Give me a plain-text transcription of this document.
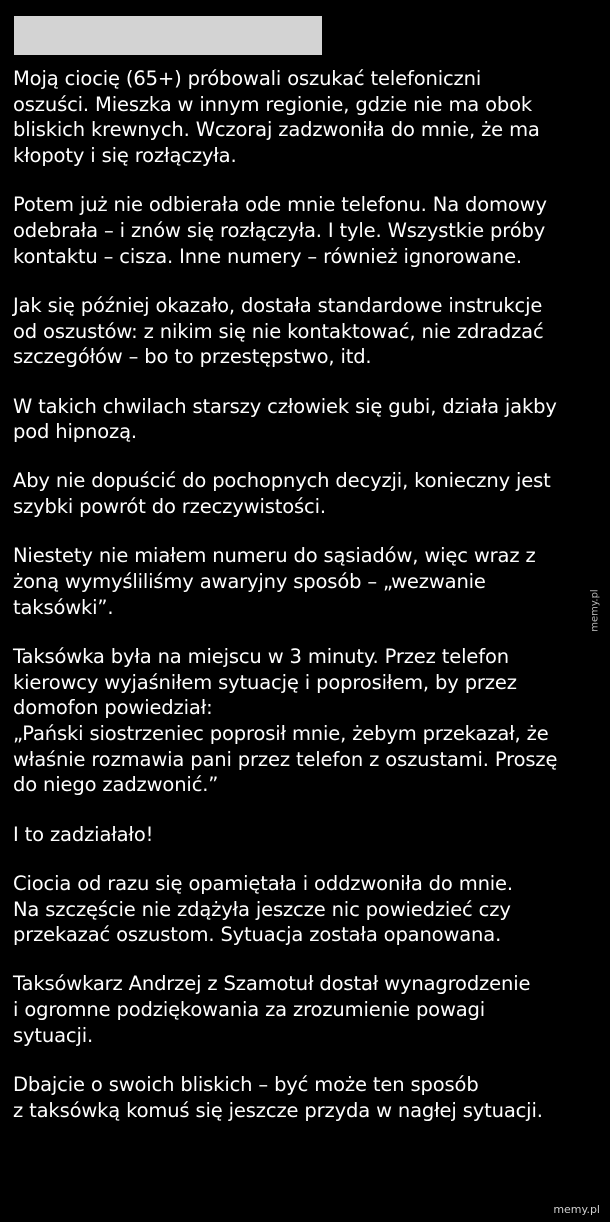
Moją ciocię (65+) próbowali oszukać telefoniczni
oszuści. Mieszka w innym regionie, gdzie nie ma obok
bliskich krewnych. Wczoraj zadzwoniła do mnie, że ma
kłopoty i się rozłączyła.

Potem już nie odbierała ode mnie telefonu. Na domowy
odebrała – i znów się rozłączyła. I tyle. Wszystkie próby
kontaktu – cisza. Inne numery – również ignorowane.

Jak się później okazało, dostała standardowe instrukcje
od oszustów: z nikim się nie kontaktować, nie zdradzać
szczegółów – bo to przestępstwo, itd.

W takich chwilach starszy człowiek się gubi, działa jakby
pod hipnozą.

Aby nie dopuścić do pochopnych decyzji, konieczny jest
szybki powrót do rzeczywistości.

Niestety nie miałem numeru do sąsiadów, więc wraz z
żoną wymyśliliśmy awaryjny sposób – „wezwanie
taksówki”.

Taksówka była na miejscu w 3 minuty. Przez telefon
kierowcy wyjaśniłem sytuację i poprosiłem, by przez
domofon powiedział:
„Pański siostrzeniec poprosił mnie, żebym przekazał, że
właśnie rozmawia pani przez telefon z oszustami. Proszę
do niego zadzwonić.”

I to zadziałało!

Ciocia od razu się opamiętała i oddzwoniła do mnie.
Na szczęście nie zdążyła jeszcze nic powiedzieć czy
przekazać oszustom. Sytuacja została opanowana.

Taksówkarz Andrzej z Szamotuł dostał wynagrodzenie
i ogromne podziękowania za zrozumienie powagi
sytuacji.

Dbajcie o swoich bliskich – być może ten sposób
z taksówką komuś się jeszcze przyda w nagłej sytuacji.

memy.pl
memy.pl
